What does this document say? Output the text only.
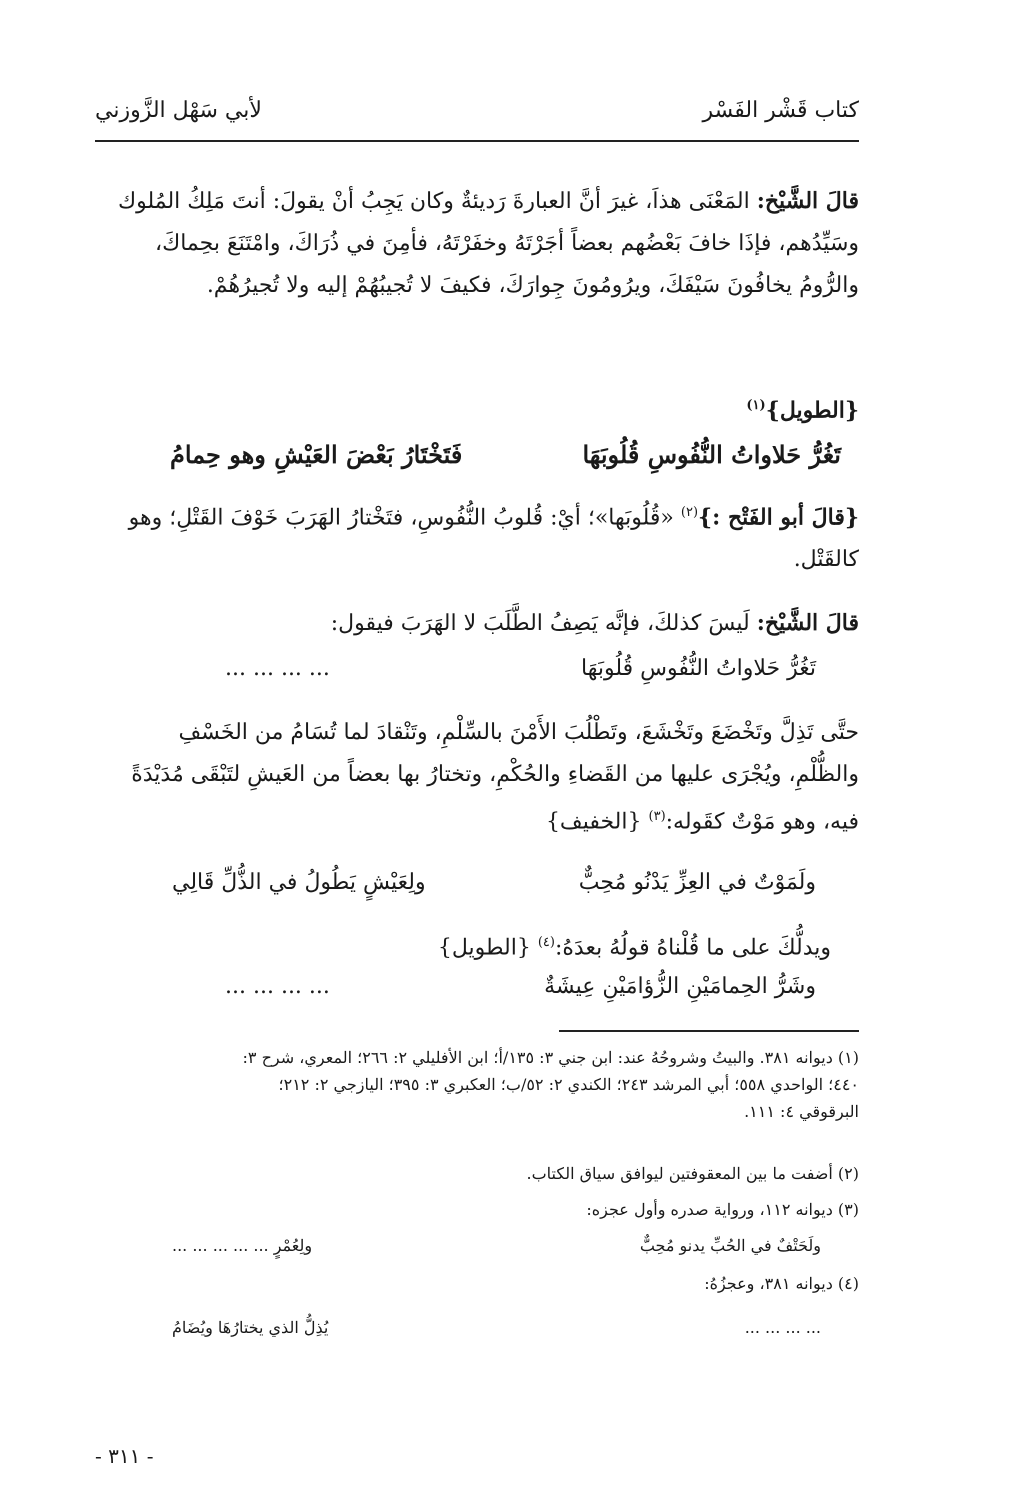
كتاب قَشْر الفَسْر
لأبي سَهْل الزَّوزني
قالَ الشَّيْخ: المَعْنَى هذاَ، غيرَ أنَّ العبارةَ رَديئةٌ وكان يَجِبُ أنْ يقولَ: أنتَ مَلِكُ المُلوك
وسَيِّدُهم، فإذَا خافَ بَعْضُهم بعضاً أجَرْتَهُ وخفَرْتَهُ، فأمِنَ في ذُرَاكَ، وامْتَنَعَ بحِماكَ،
والرُّومُ يخافُونَ سَيْفَكَ، ويرُومُونَ جِوارَكَ، فكيفَ لا تُجيبُهُمْ إليه ولا تُجيرُهُمْ.
{الطويل}$^{(١)}$
تَغُرُّ حَلاواتُ النُّفُوسِ قُلُوبَهَا
فَتَخْتَارُ بَعْضَ العَيْشِ وهو حِمامُ
{قالَ أبو الفَتْح :}$^{(٢)}$ «قُلُوبَها»؛ أيْ: قُلوبُ النُّفُوسِ، فتَخْتارُ الهَرَبَ خَوْفَ القَتْلِ؛ وهو
كالقَتْل.
قالَ الشَّيْخ: لَيسَ كذلكَ، فإنَّه يَصِفُ الطَّلَبَ لا الهَرَبَ فيقول:
تَغُرُّ حَلاواتُ النُّفُوسِ قُلُوبَهَا
... ... ... ...
حتَّى تَذِلَّ وتَخْضَعَ وتَخْشَعَ، وتَطْلُبَ الأَمْنَ بالسِّلْمِ، وتَنْقادَ لما تُسَامُ من الخَسْفِ
والظُّلْمِ، ويُجْرَى عليها من القَضاءِ والحُكْمِ، وتختارُ بها بعضاً من العَيشِ لتَبْقَى مُدَيْدَةً
فيه، وهو مَوْتٌ كقَوله:$^{(٣)}$ {الخفيف}
ولَمَوْتٌ في العِزِّ يَدْنُو مُحِبٌّ
ولِعَيْشٍ يَطُولُ في الذُّلِّ قَالِي
ويدلُّكَ على ما قُلْناهُ قولُهُ بعدَهُ:$^{(٤)}$ {الطويل}
وشَرُّ الحِمامَيْنِ الزُّؤامَيْنِ عِيشَةٌ
... ... ... ...
(١) ديوانه ٣٨١. والبيتُ وشروحُهُ عند: ابن جني ٣: ١٣٥/أ؛ ابن الأفليلي ٢: ٢٦٦؛ المعري، شرح ٣:
٤٤٠؛ الواحدي ٥٥٨؛ أبي المرشد ٢٤٣؛ الكندي ٢: ٥٢/ب؛ العكبري ٣: ٣٩٥؛ اليازجي ٢: ٢١٢؛
البرقوقي ٤: ١١١.
(٢) أضفت ما بين المعقوفتين ليوافق سياق الكتاب.
(٣) ديوانه ١١٢، ورواية صدره وأول عجزه:
ولَحَتْفٌ في الحُبِّ يدنو مُحِبٌّ
ولِعُمْرٍ ... ... ... ... ...
(٤) ديوانه ٣٨١، وعجزُهُ:
... ... ... ...
يُذِلُّ الذي يختارُهَا ويُضَامُ
- ٣١١ -
